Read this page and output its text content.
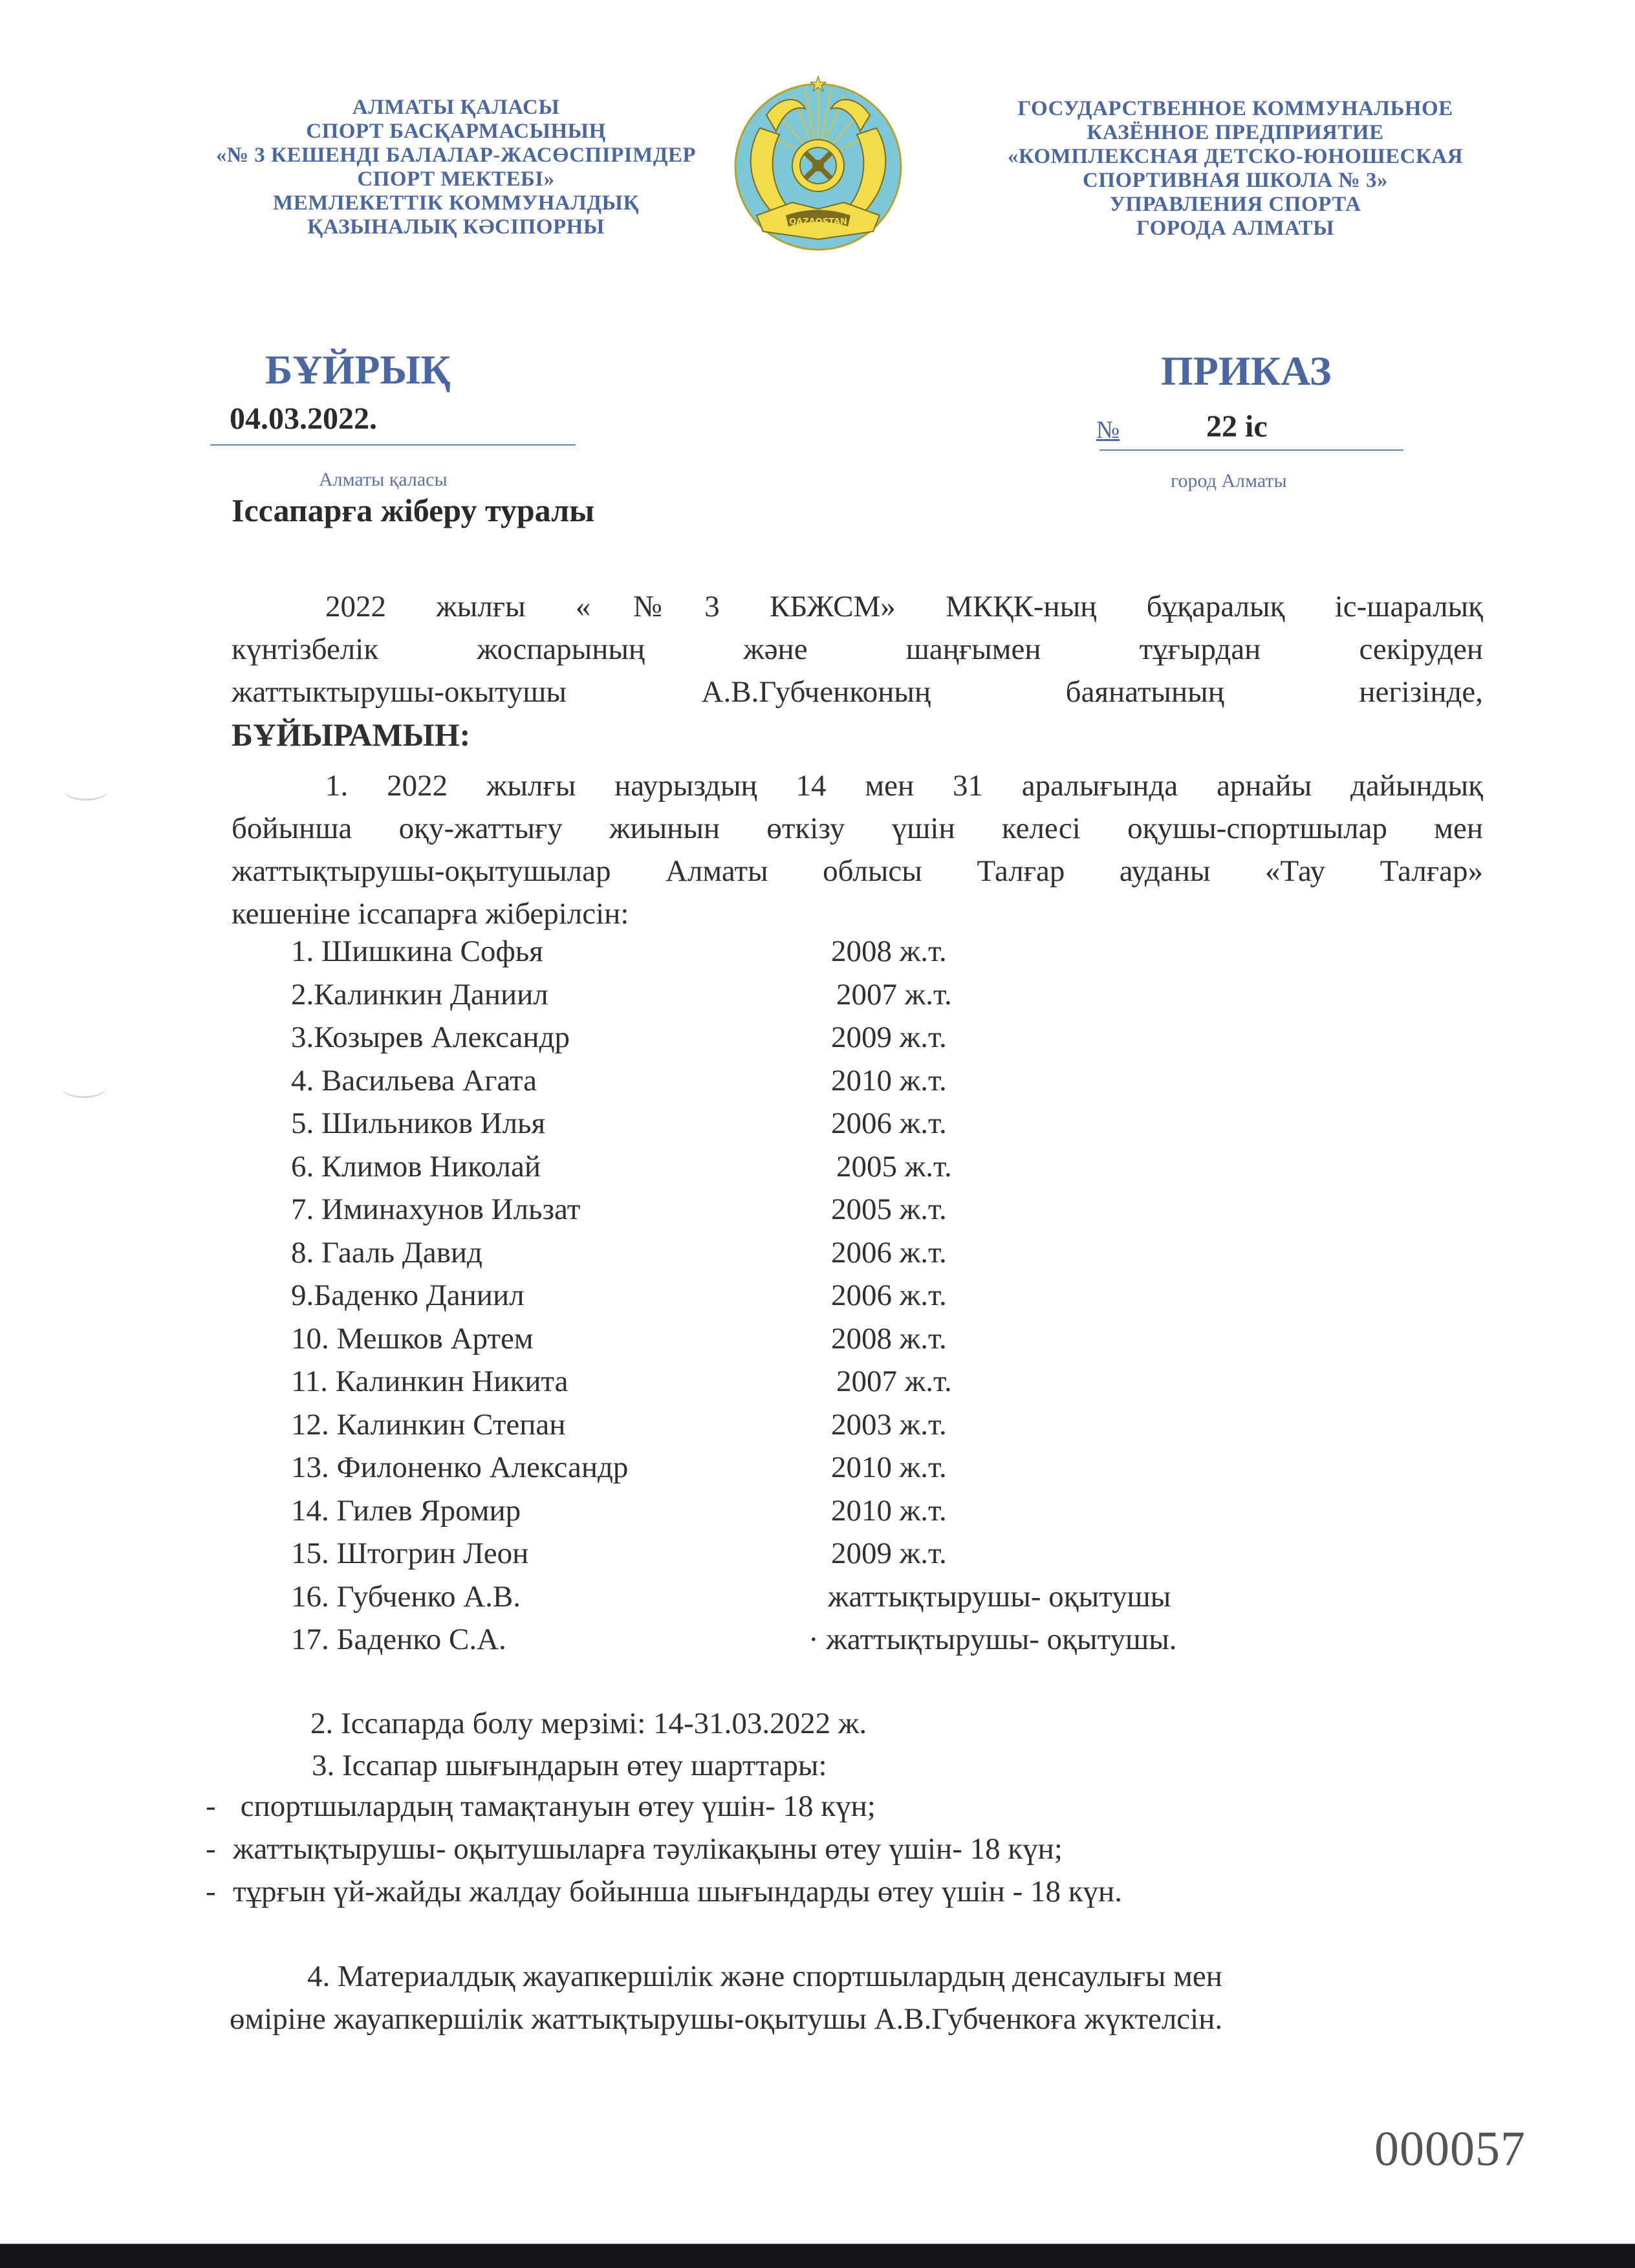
АЛМАТЫ ҚАЛАСЫ
СПОРТ БАСҚАРМАСЫНЫҢ
«№ 3 КЕШЕНДІ БАЛАЛАР-ЖАСӨСПІРІМДЕР
СПОРТ МЕКТЕБІ»
МЕМЛЕКЕТТІК КОММУНАЛДЫҚ
ҚАЗЫНАЛЫҚ КӘСІПОРНЫ	QAZAQSTAN
ГОСУДАРСТВЕННОЕ КОММУНАЛЬНОЕ
КАЗЁННОЕ ПРЕДПРИЯТИЕ
«КОМПЛЕКСНАЯ ДЕТСКО-ЮНОШЕСКАЯ
СПОРТИВНАЯ ШКОЛА № 3»
УПРАВЛЕНИЯ СПОРТА
ГОРОДА АЛМАТЫ
БҰЙРЫҚ	ПРИКАЗ
04.03.2022.	№	22 іс
Алматы қаласы	город Алматы
Іссапарға жіберу туралы
2022 жылғы «№3 КБЖСМ» МКҚК-ның бұқаралық іс-шаралық
күнтізбелік жоспарының және шаңғымен тұғырдан секіруден
жаттыктырушы-окытушы А.В.Губченконың баянатының негізінде,
БҰЙЫРАМЫН:
1. 2022 жылғы наурыздың 14 мен 31 аралығында арнайы дайындық
бойынша оқу-жаттығу жиынын өткізу үшін келесі оқушы-спортшылар мен
жаттықтырушы-оқытушылар Алматы облысы Талғар ауданы «Тау Талғар»
кешеніне іссапарға жіберілсін:
1. Шишкина Софья	2008 ж.т.
2.Калинкин Даниил	2007 ж.т.
3.Козырев Александр	2009 ж.т.
4. Васильева Агата	2010 ж.т.
5. Шильников Илья	2006 ж.т.
6. Климов Николай	2005 ж.т.
7. Иминахунов Ильзат	2005 ж.т.
8. Гааль Давид	2006 ж.т.
9.Баденко Даниил	2006 ж.т.
10. Мешков Артем	2008 ж.т.
11. Калинкин Никита	2007 ж.т.
12. Калинкин Степан	2003 ж.т.
13. Филоненко Александр	2010 ж.т.
14. Гилев Яромир	2010 ж.т.
15. Штогрин Леон	2009 ж.т.
16. Губченко А.В.	жаттықтырушы- оқытушы
17. Баденко С.А.	· жаттықтырушы- оқытушы.
2. Іссапарда болу мерзімі: 14-31.03.2022 ж.
3. Іссапар шығындарын өтеу шарттары:
- спортшылардың тамақтануын өтеу үшін- 18 күн;
- жаттықтырушы- оқытушыларға тәулікақыны өтеу үшін- 18 күн;
- тұрғын үй-жайды жалдау бойынша шығындарды өтеу үшін - 18 күн.
4. Материалдық жауапкершілік және спортшылардың денсаулығы мен
өміріне жауапкершілік жаттықтырушы-оқытушы А.В.Губченкоға жүктелсін.
000057
